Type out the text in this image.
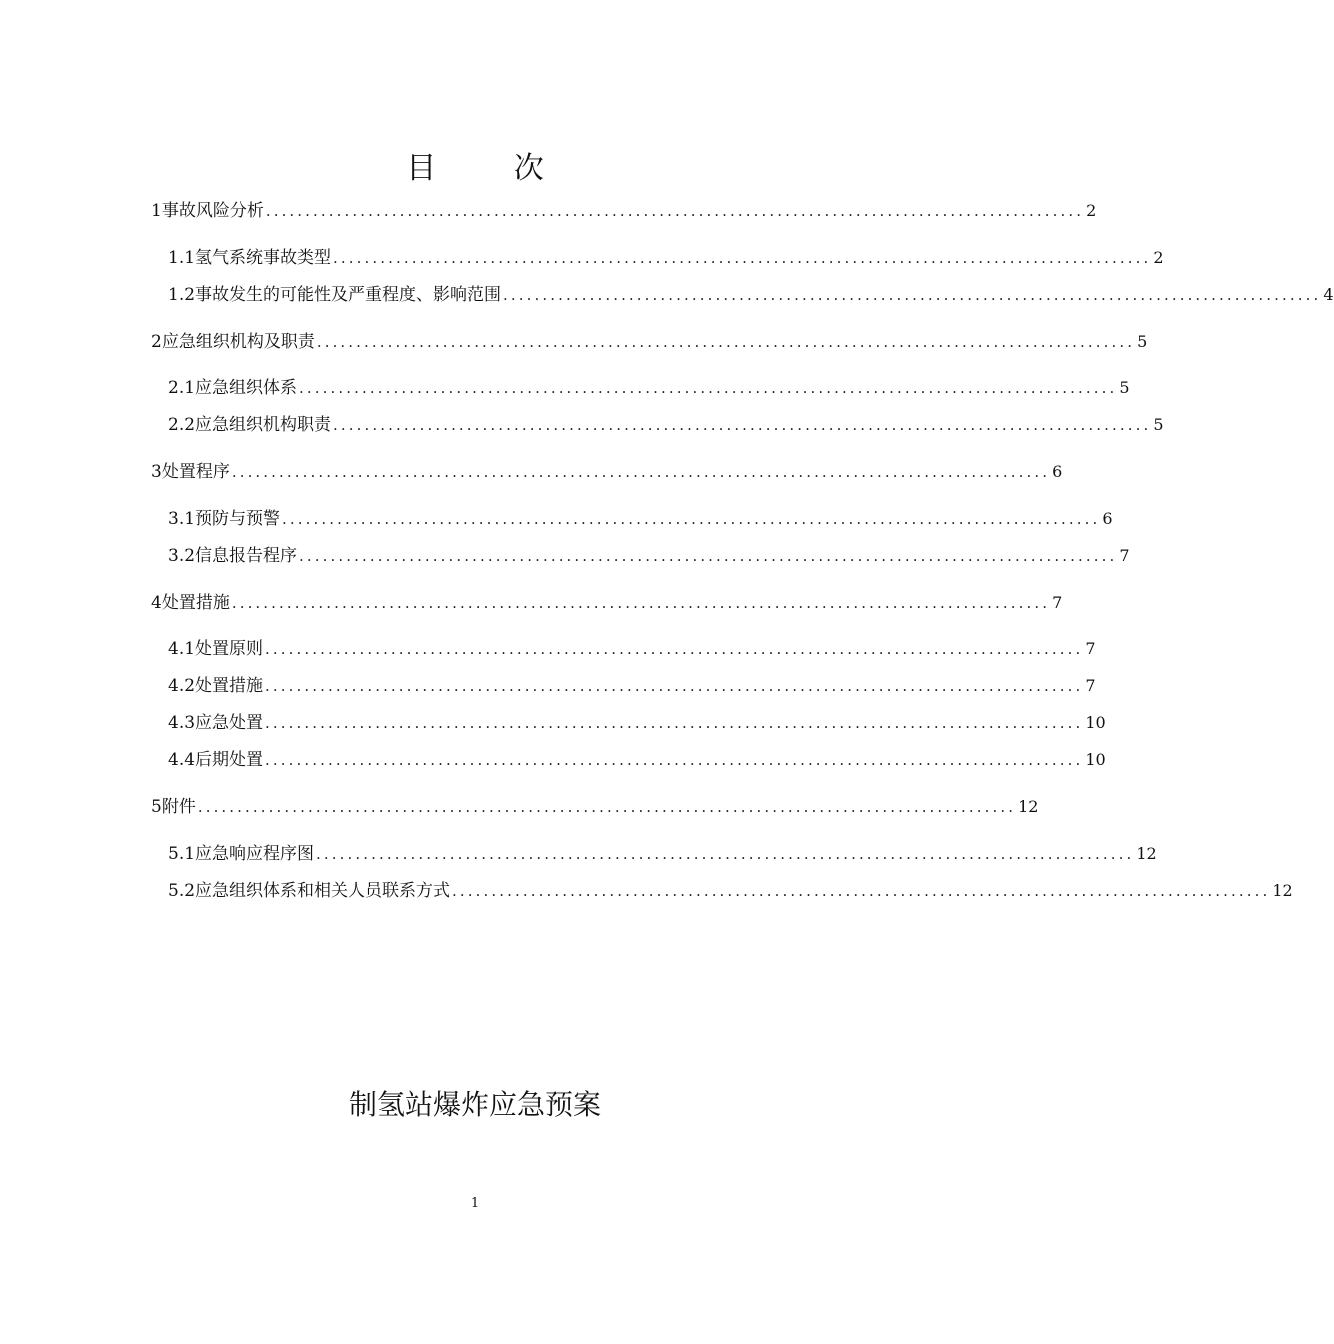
目 次
1 事故风险分析 ........................................................................................................ 2
1.1 氢气系统事故类型 ........................................................................................................ 2
1.2 事故发生的可能性及严重程度、影响范围 ........................................................................................................ 4
2 应急组织机构及职责 ........................................................................................................ 5
2.1 应急组织体系 ........................................................................................................ 5
2.2 应急组织机构职责 ........................................................................................................ 5
3 处置程序 ........................................................................................................ 6
3.1 预防与预警 ........................................................................................................ 6
3.2 信息报告程序 ........................................................................................................ 7
4 处置措施 ........................................................................................................ 7
4.1 处置原则 ........................................................................................................ 7
4.2 处置措施 ........................................................................................................ 7
4.3 应急处置 ........................................................................................................ 10
4.4 后期处置 ........................................................................................................ 10
5 附件 ........................................................................................................ 12
5.1 应急响应程序图 ........................................................................................................ 12
5.2 应急组织体系和相关人员联系方式 ........................................................................................................ 12
制氢站爆炸应急预案
1
